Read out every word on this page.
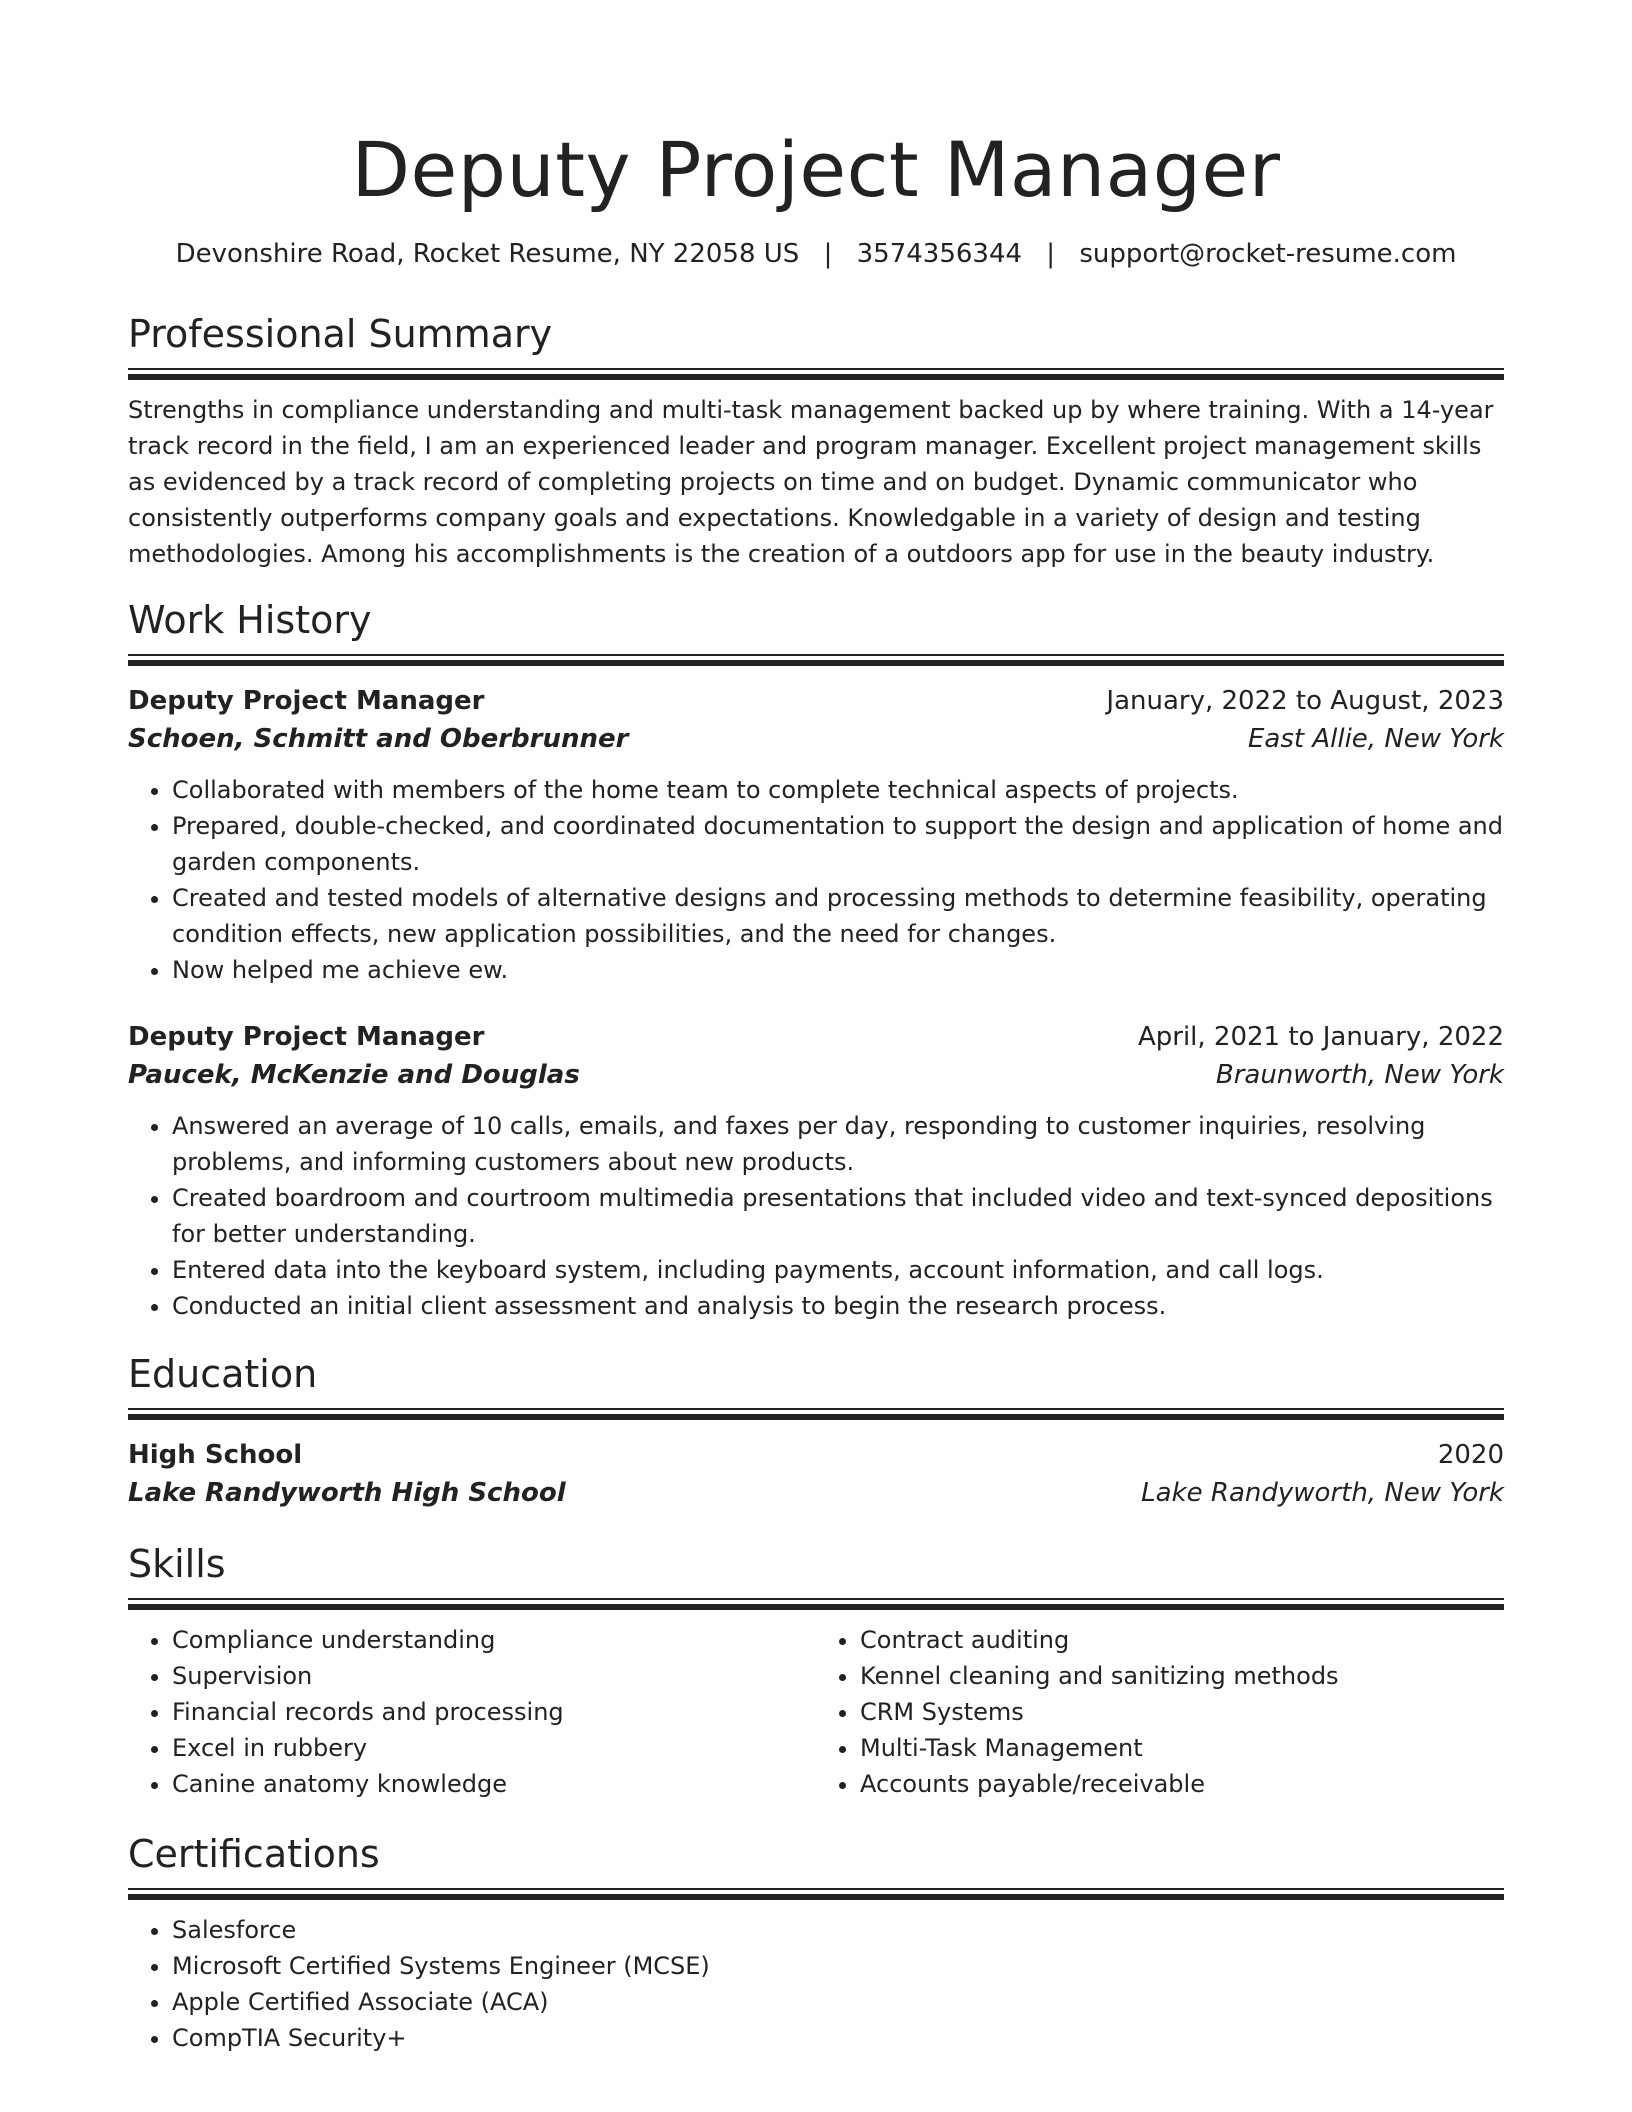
Deputy Project Manager
Devonshire Road, Rocket Resume, NY 22058 US | 3574356344 | support@rocket-resume.com
Professional Summary

Strengths in compliance understanding and multi-task management backed up by where training. With a 14-year track record in the field, I am an experienced leader and program manager. Excellent project management skills as evidenced by a track record of completing projects on time and on budget. Dynamic communicator who consistently outperforms company goals and expectations. Knowledgable in a variety of design and testing methodologies. Among his accomplishments is the creation of a outdoors app for use in the beauty industry.

Work History
Deputy Project Manager	January, 2022 to August, 2023
Schoen, Schmitt and Oberbrunner	East Allie, New York
• Collaborated with members of the home team to complete technical aspects of projects.
• Prepared, double-checked, and coordinated documentation to support the design and application of home and garden components.
• Created and tested models of alternative designs and processing methods to determine feasibility, operating condition effects, new application possibilities, and the need for changes.
• Now helped me achieve ew.
Deputy Project Manager	April, 2021 to January, 2022
Paucek, McKenzie and Douglas	Braunworth, New York
• Answered an average of 10 calls, emails, and faxes per day, responding to customer inquiries, resolving problems, and informing customers about new products.
• Created boardroom and courtroom multimedia presentations that included video and text-synced depositions for better understanding.
• Entered data into the keyboard system, including payments, account information, and call logs.
• Conducted an initial client assessment and analysis to begin the research process.
Education
High School	2020
Lake Randyworth High School	Lake Randyworth, New York
Skills
• Compliance understanding
• Supervision
• Financial records and processing
• Excel in rubbery
• Canine anatomy knowledge
• Contract auditing
• Kennel cleaning and sanitizing methods
• CRM Systems
• Multi-Task Management
• Accounts payable/receivable
Certifications
• Salesforce
• Microsoft Certified Systems Engineer (MCSE)
• Apple Certified Associate (ACA)
• CompTIA Security+
